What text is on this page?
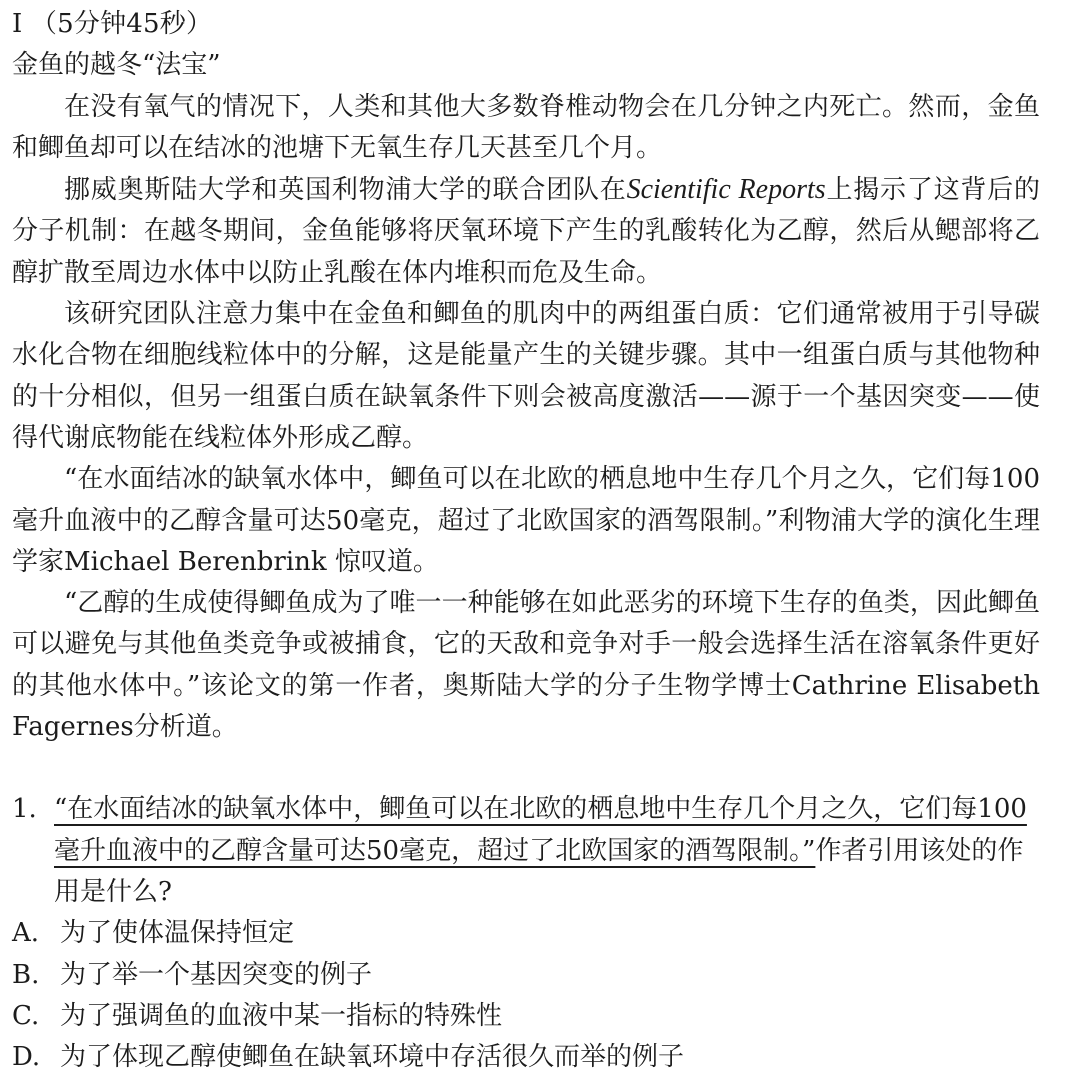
I （5分钟45秒）
金鱼的越冬“法宝”
在没有氧气的情况下，人类和其他大多数脊椎动物会在几分钟之内死亡。然而，金鱼和鲫鱼却可以在结冰的池塘下无氧生存几天甚至几个月。
挪威奥斯陆大学和英国利物浦大学的联合团队在Scientific Reports上揭示了这背后的分子机制：在越冬期间，金鱼能够将厌氧环境下产生的乳酸转化为乙醇，然后从鳃部将乙醇扩散至周边水体中以防止乳酸在体内堆积而危及生命。
该研究团队注意力集中在金鱼和鲫鱼的肌肉中的两组蛋白质：它们通常被用于引导碳水化合物在细胞线粒体中的分解，这是能量产生的关键步骤。其中一组蛋白质与其他物种的十分相似，但另一组蛋白质在缺氧条件下则会被高度激活——源于一个基因突变——使得代谢底物能在线粒体外形成乙醇。
“在水面结冰的缺氧水体中，鲫鱼可以在北欧的栖息地中生存几个月之久，它们每100毫升血液中的乙醇含量可达50毫克，超过了北欧国家的酒驾限制。”利物浦大学的演化生理学家Michael Berenbrink 惊叹道。
“乙醇的生成使得鲫鱼成为了唯一一种能够在如此恶劣的环境下生存的鱼类，因此鲫鱼可以避免与其他鱼类竞争或被捕食，它的天敌和竞争对手一般会选择生活在溶氧条件更好的其他水体中。”该论文的第一作者，奥斯陆大学的分子生物学博士Cathrine Elisabeth Fagernes分析道。
1. “在水面结冰的缺氧水体中，鲫鱼可以在北欧的栖息地中生存几个月之久，它们每100毫升血液中的乙醇含量可达50毫克，超过了北欧国家的酒驾限制。”作者引用该处的作用是什么?
A. 为了使体温保持恒定
B. 为了举一个基因突变的例子
C. 为了强调鱼的血液中某一指标的特殊性
D. 为了体现乙醇使鲫鱼在缺氧环境中存活很久而举的例子
